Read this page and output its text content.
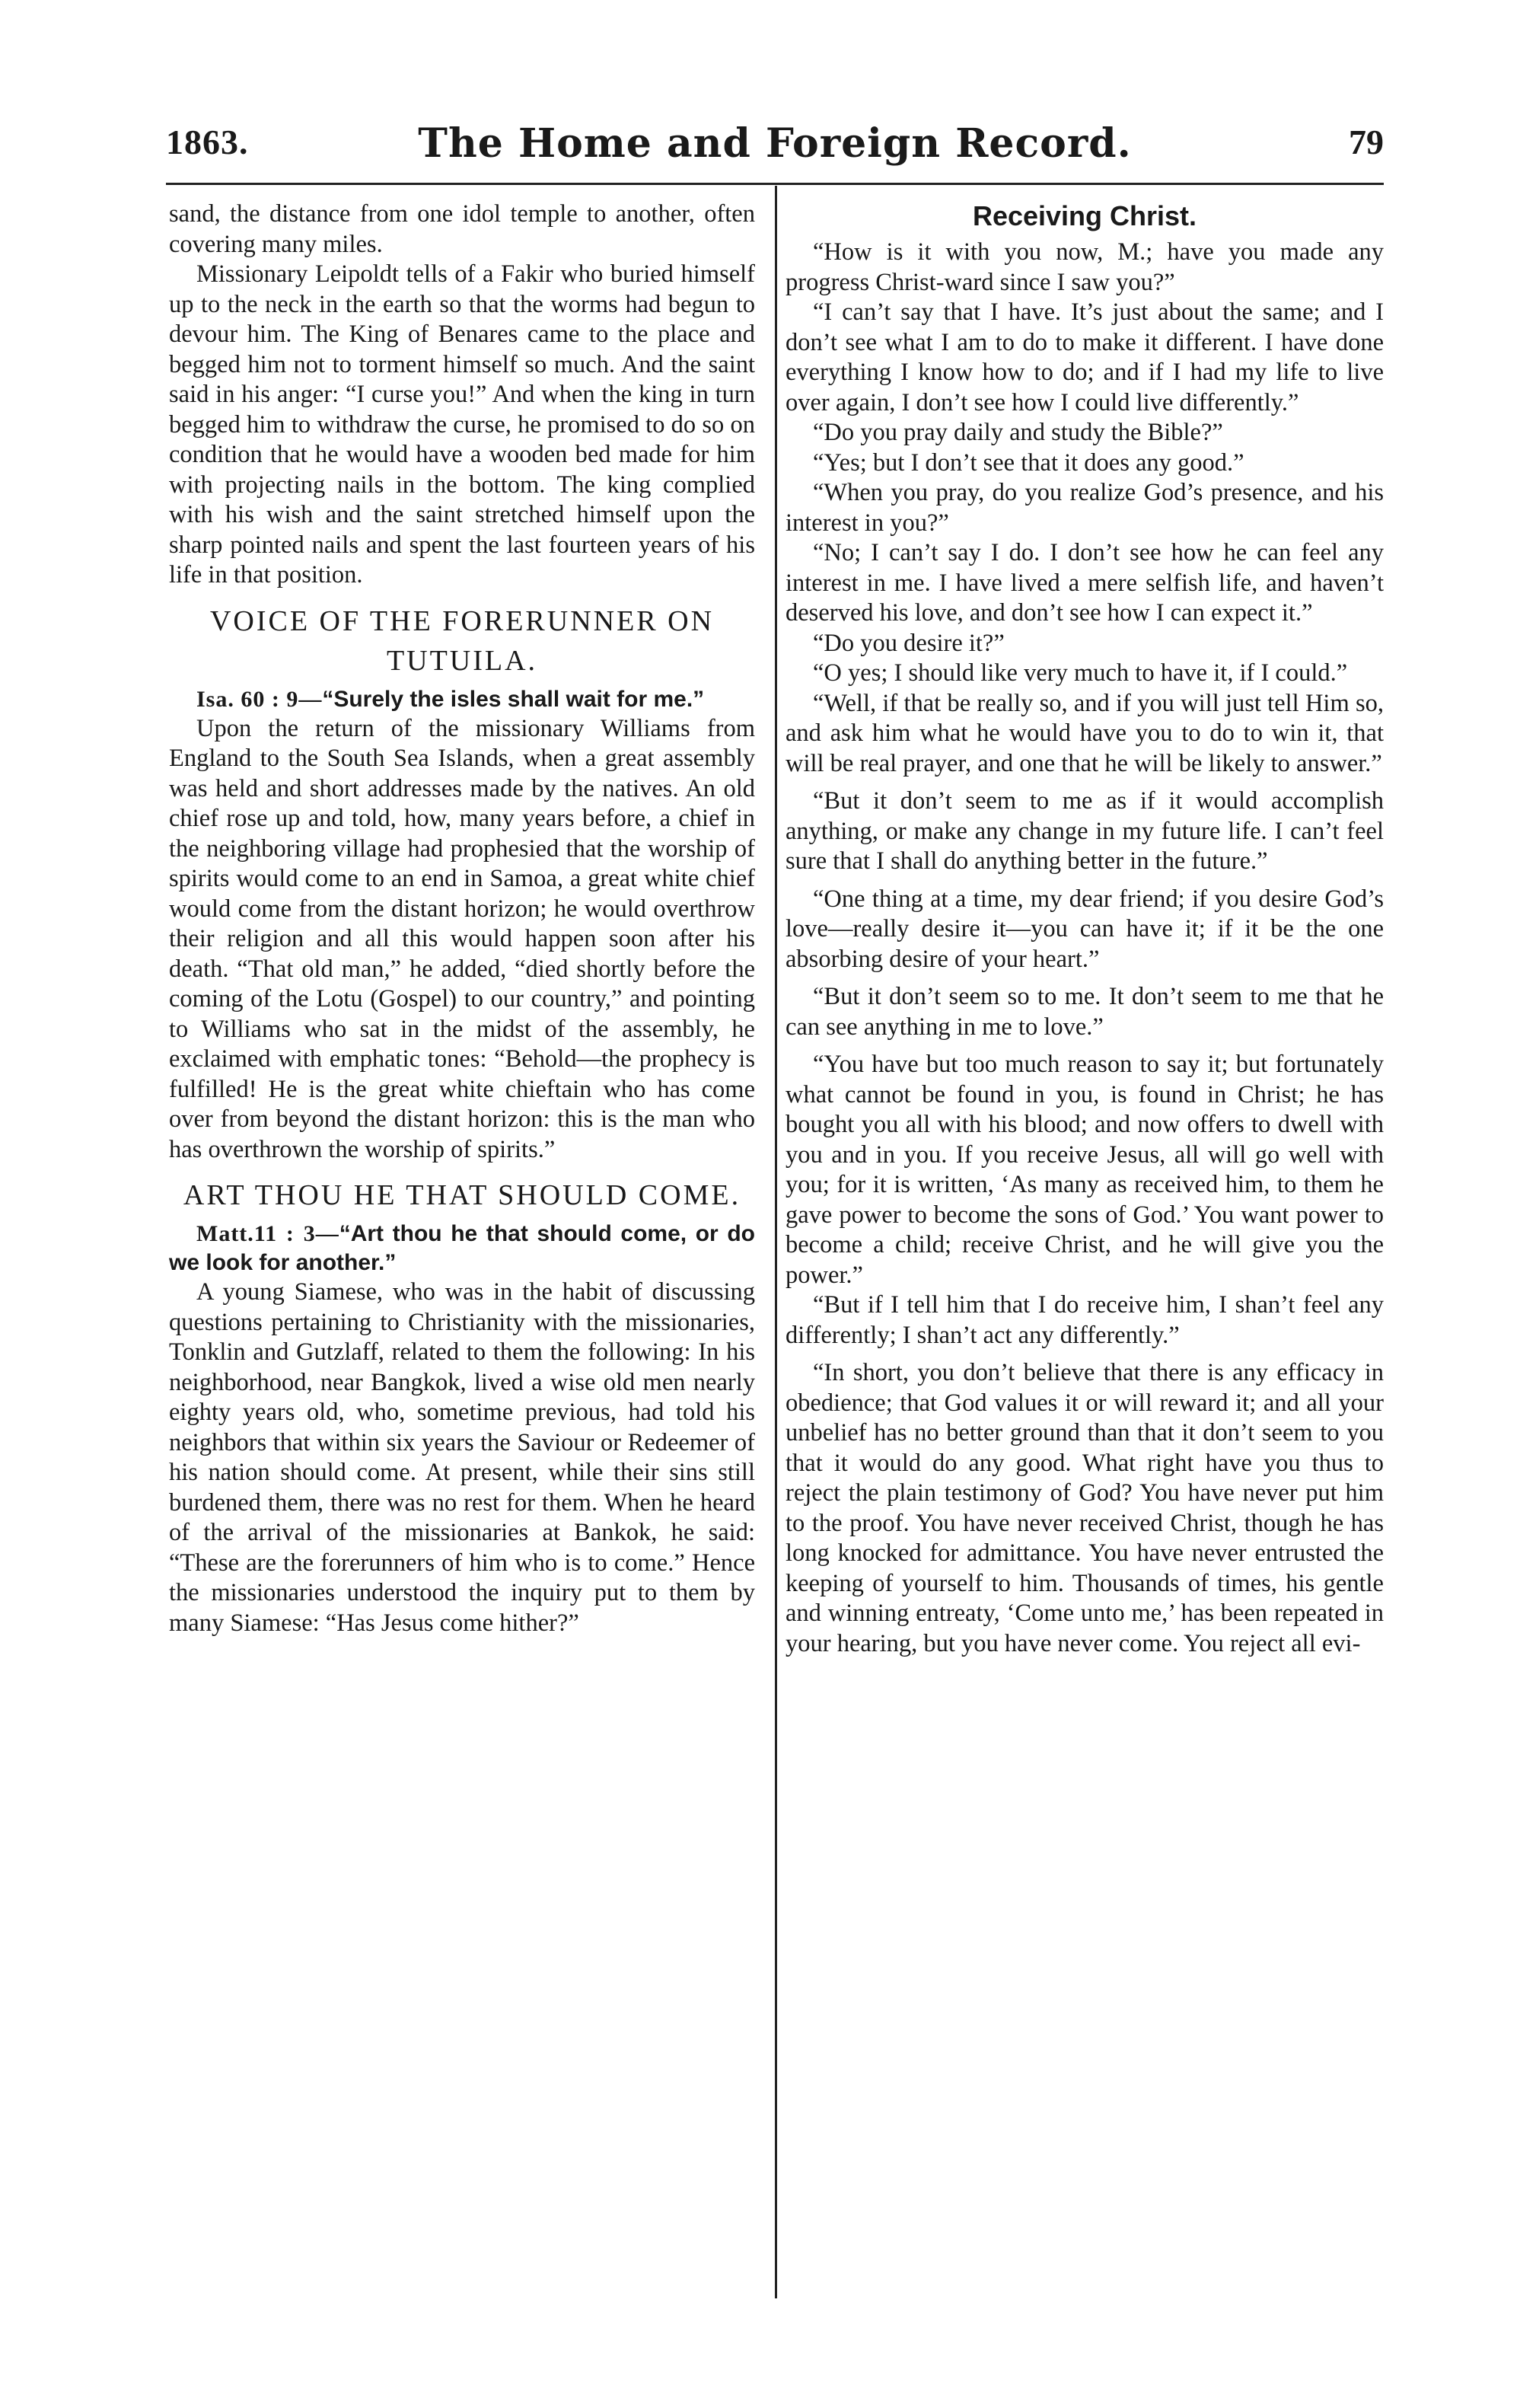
1863.	The Home and Foreign Record.	79

sand, the distance from one idol temple to another, often covering many miles.

Missionary Leipoldt tells of a Fakir who buried himself up to the neck in the earth so that the worms had begun to devour him. The King of Benares came to the place and begged him not to torment himself so much. And the saint said in his anger: “I curse you!” And when the king in turn begged him to withdraw the curse, he promised to do so on condition that he would have a wooden bed made for him with projecting nails in the bottom. The king complied with his wish and the saint stretched himself upon the sharp pointed nails and spent the last fourteen years of his life in that position.

VOICE OF THE FORERUNNER ON TUTUILA.

Isa. 60 : 9—“Surely the isles shall wait for me.”

Upon the return of the missionary Williams from England to the South Sea Islands, when a great assembly was held and short addresses made by the natives. An old chief rose up and told, how, many years before, a chief in the neighboring village had prophesied that the worship of spirits would come to an end in Samoa, a great white chief would come from the distant horizon; he would overthrow their religion and all this would happen soon after his death. “That old man,” he added, “died shortly before the coming of the Lotu (Gospel) to our country,” and pointing to Williams who sat in the midst of the assembly, he exclaimed with emphatic tones: “Behold—the prophecy is fulfilled! He is the great white chieftain who has come over from beyond the distant horizon: this is the man who has overthrown the worship of spirits.”

ART THOU HE THAT SHOULD COME.

Matt.11 : 3—“Art thou he that should come, or do we look for another.”

A young Siamese, who was in the habit of discussing questions pertaining to Christianity with the missionaries, Tonklin and Gutzlaff, related to them the following: In his neighborhood, near Bangkok, lived a wise old men nearly eighty years old, who, sometime previous, had told his neighbors that within six years the Saviour or Redeemer of his nation should come. At present, while their sins still burdened them, there was no rest for them. When he heard of the arrival of the missionaries at Bankok, he said: “These are the forerunners of him who is to come.” Hence the missionaries understood the inquiry put to them by many Siamese: “Has Jesus come hither?”

Receiving Christ.

“How is it with you now, M.; have you made any progress Christ-ward since I saw you?”

“I can’t say that I have. It’s just about the same; and I don’t see what I am to do to make it different. I have done everything I know how to do; and if I had my life to live over again, I don’t see how I could live differently.”

“Do you pray daily and study the Bible?”

“Yes; but I don’t see that it does any good.”

“When you pray, do you realize God’s presence, and his interest in you?”

“No; I can’t say I do. I don’t see how he can feel any interest in me. I have lived a mere selfish life, and haven’t deserved his love, and don’t see how I can expect it.”

“Do you desire it?”

“O yes; I should like very much to have it, if I could.”

“Well, if that be really so, and if you will just tell Him so, and ask him what he would have you to do to win it, that will be real prayer, and one that he will be likely to answer.”

“But it don’t seem to me as if it would accomplish anything, or make any change in my future life. I can’t feel sure that I shall do anything better in the future.”

“One thing at a time, my dear friend; if you desire God’s love—really desire it—you can have it; if it be the one absorbing desire of your heart.”

“But it don’t seem so to me. It don’t seem to me that he can see anything in me to love.”

“You have but too much reason to say it; but fortunately what cannot be found in you, is found in Christ; he has bought you all with his blood; and now offers to dwell with you and in you. If you receive Jesus, all will go well with you; for it is written, ‘As many as received him, to them he gave power to become the sons of God.’ You want power to become a child; receive Christ, and he will give you the power.”

“But if I tell him that I do receive him, I shan’t feel any differently; I shan’t act any differently.”

“In short, you don’t believe that there is any efficacy in obedience; that God values it or will reward it; and all your unbelief has no better ground than that it don’t seem to you that it would do any good. What right have you thus to reject the plain testimony of God? You have never put him to the proof. You have never received Christ, though he has long knocked for admittance. You have never entrusted the keeping of yourself to him. Thousands of times, his gentle and winning entreaty, ‘Come unto me,’ has been repeated in your hearing, but you have never come. You reject all evi-
